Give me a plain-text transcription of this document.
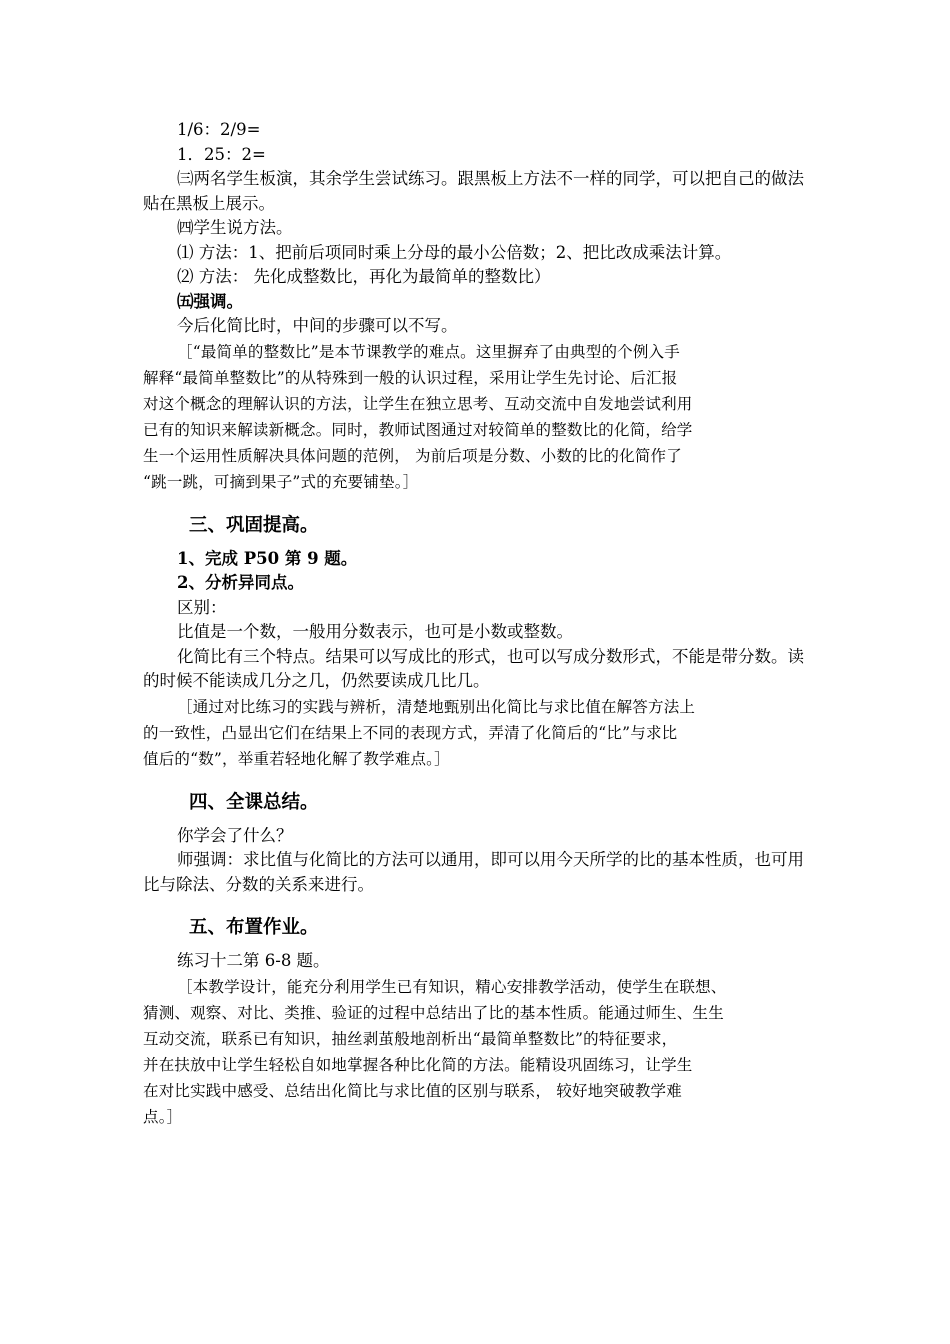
1/6：2/9=

1．25：2=

㈢两名学生板演，其余学生尝试练习。跟黑板上方法不一样的同学，可以把自己的做法贴在黑板上展示。

㈣学生说方法。

⑴ 方法：1、把前后项同时乘上分母的最小公倍数；2、把比改成乘法计算。

⑵ 方法： 先化成整数比，再化为最简单的整数比）

㈤强调。

今后化简比时，中间的步骤可以不写。

［“最简单的整数比”是本节课教学的难点。这里摒弃了由典型的个例入手
解释“最简单整数比”的从特殊到一般的认识过程，采用让学生先讨论、后汇报
对这个概念的理解认识的方法，让学生在独立思考、互动交流中自发地尝试利用
已有的知识来解读新概念。同时，教师试图通过对较简单的整数比的化简，给学
生一个运用性质解决具体问题的范例， 为前后项是分数、小数的比的化简作了
“跳一跳，可摘到果子”式的充要铺垫。］

三、巩固提高。

1、完成 P50 第 9 题。

2、分析异同点。

区别：

比值是一个数，一般用分数表示，也可是小数或整数。

化简比有三个特点。结果可以写成比的形式，也可以写成分数形式，不能是带分数。读的时候不能读成几分之几，仍然要读成几比几。

［通过对比练习的实践与辨析，清楚地甄别出化简比与求比值在解答方法上
的一致性，凸显出它们在结果上不同的表现方式，弄清了化简后的“比”与求比
值后的“数”，举重若轻地化解了教学难点。］

四、全课总结。

你学会了什么？

师强调：求比值与化简比的方法可以通用，即可以用今天所学的比的基本性质，也可用比与除法、分数的关系来进行。

五、布置作业。

练习十二第 6-8 题。

［本教学设计，能充分利用学生已有知识，精心安排教学活动，使学生在联想、
猜测、观察、对比、类推、验证的过程中总结出了比的基本性质。能通过师生、生生
互动交流，联系已有知识，抽丝剥茧般地剖析出“最简单整数比”的特征要求，
并在扶放中让学生轻松自如地掌握各种比化简的方法。能精设巩固练习，让学生
在对比实践中感受、总结出化简比与求比值的区别与联系， 较好地突破教学难
点。］
